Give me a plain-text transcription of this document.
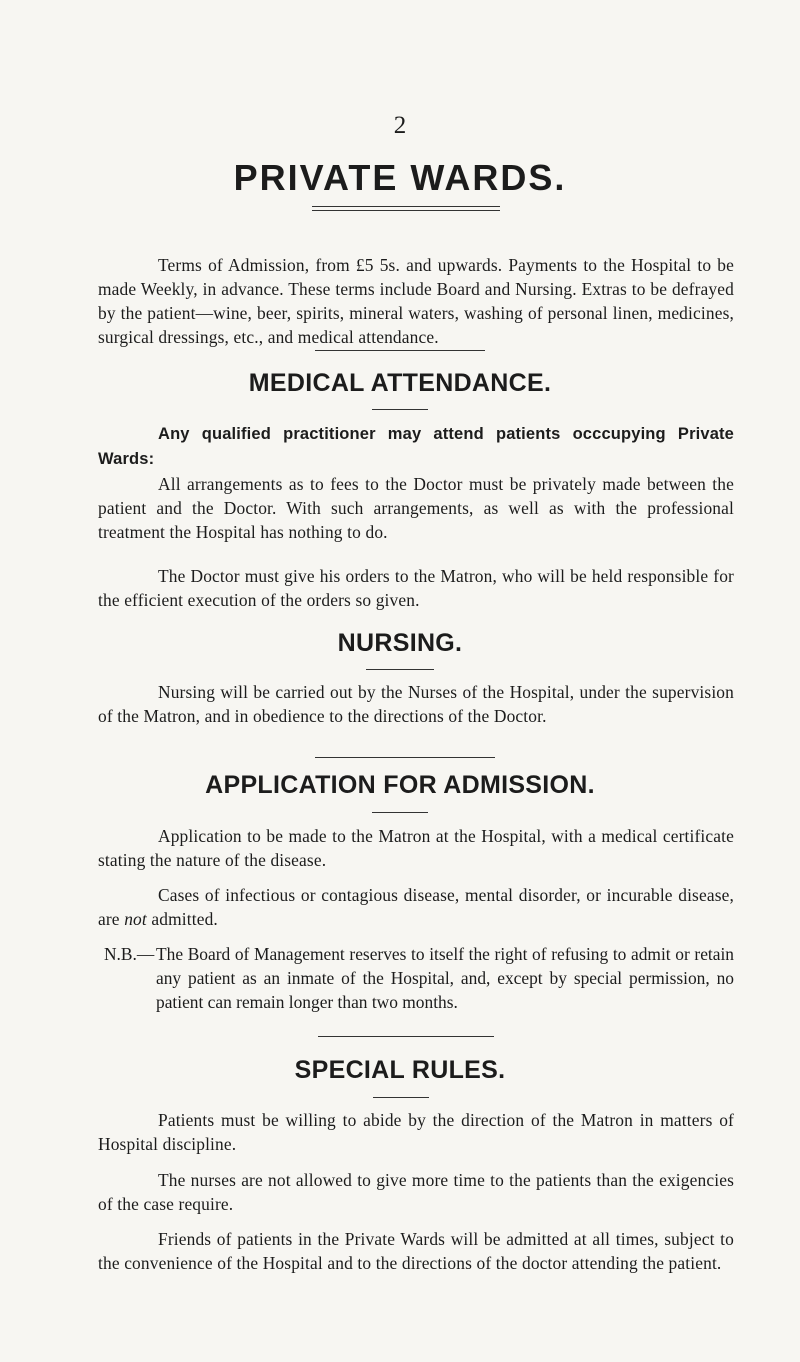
2
PRIVATE WARDS.

Terms of Admission, from £5 5s. and upwards. Payments to the Hospital to be made Weekly, in advance. These terms include Board and Nursing. Extras to be defrayed by the patient—wine, beer, spirits, mineral waters, washing of personal linen, medicines, surgical dressings, etc., and medical attendance.

MEDICAL ATTENDANCE.

Any qualified practitioner may attend patients occcupying Private Wards:

All arrangements as to fees to the Doctor must be privately made between the patient and the Doctor. With such arrangements, as well as with the professional treatment the Hospital has nothing to do.

The Doctor must give his orders to the Matron, who will be held responsible for the efficient execution of the orders so given.

NURSING.

Nursing will be carried out by the Nurses of the Hospital, under the supervision of the Matron, and in obedience to the directions of the Doctor.

APPLICATION FOR ADMISSION.

Application to be made to the Matron at the Hospital, with a medical certificate stating the nature of the disease.

Cases of infectious or contagious disease, mental disorder, or incurable disease, are not admitted.

N.B.— The Board of Management reserves to itself the right of refusing to admit or retain any patient as an inmate of the Hospital, and, except by special permission, no patient can remain longer than two months.

SPECIAL RULES.

Patients must be willing to abide by the direction of the Matron in matters of Hospital discipline.

The nurses are not allowed to give more time to the patients than the exigencies of the case require.

Friends of patients in the Private Wards will be admitted at all times, subject to the convenience of the Hospital and to the directions of the doctor attending the patient.
